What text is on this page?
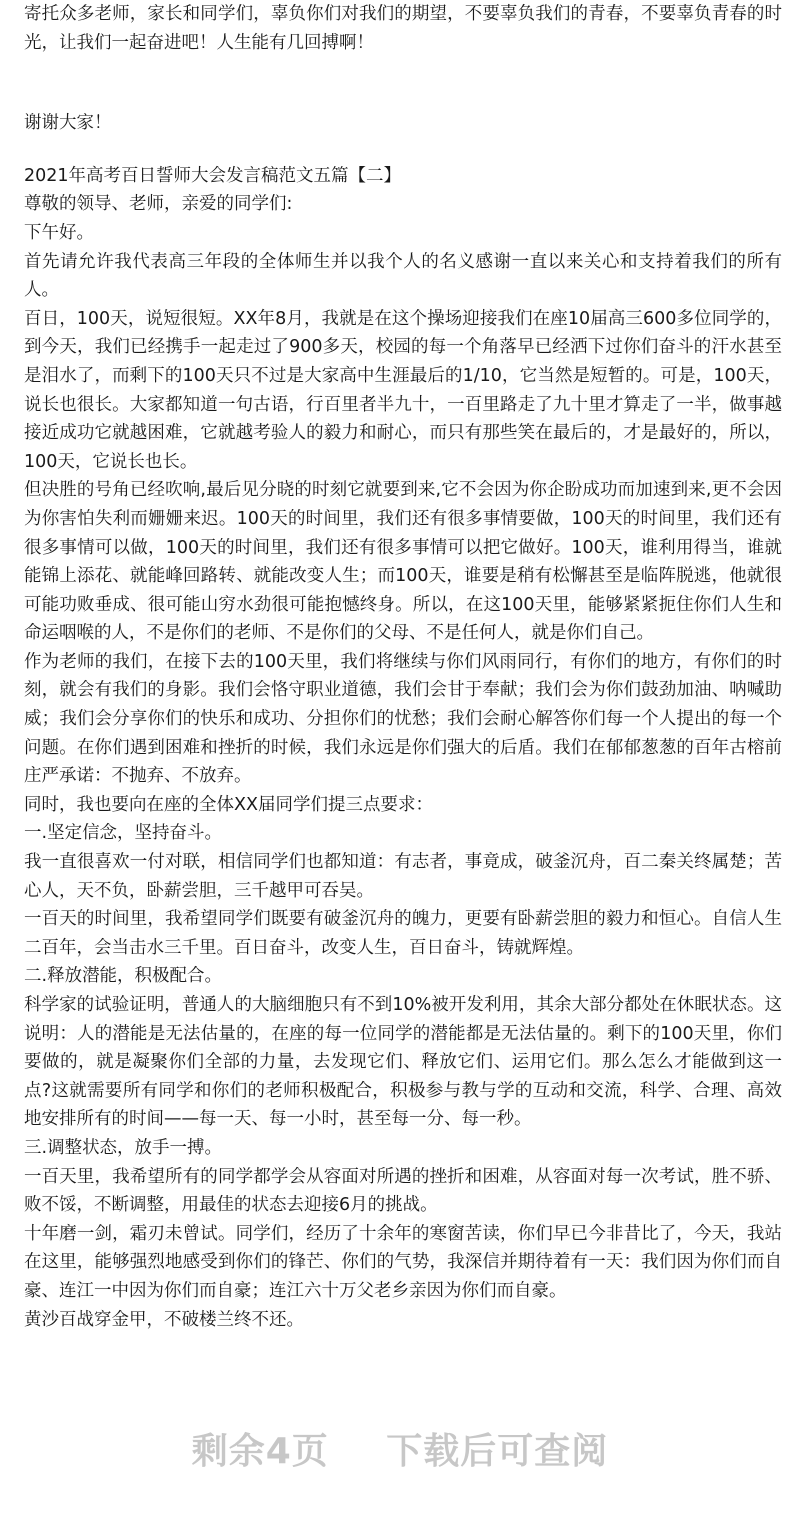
寄托众多老师，家长和同学们，辜负你们对我们的期望，不要辜负我们的青春，不要辜负青春的时光，让我们一起奋进吧！人生能有几回搏啊！

谢谢大家！

2021年高考百日誓师大会发言稿范文五篇【二】

尊敬的领导、老师，亲爱的同学们:

下午好。

首先请允许我代表高三年段的全体师生并以我个人的名义感谢一直以来关心和支持着我们的所有人。

百日，100天，说短很短。XX年8月，我就是在这个操场迎接我们在座10届高三600多位同学的，到今天，我们已经携手一起走过了900多天，校园的每一个角落早已经洒下过你们奋斗的汗水甚至是泪水了，而剩下的100天只不过是大家高中生涯最后的1/10，它当然是短暂的。可是，100天，说长也很长。大家都知道一句古语，行百里者半九十，一百里路走了九十里才算走了一半，做事越接近成功它就越困难，它就越考验人的毅力和耐心，而只有那些笑在最后的，才是最好的，所以，100天，它说长也长。

但决胜的号角已经吹响,最后见分晓的时刻它就要到来,它不会因为你企盼成功而加速到来,更不会因为你害怕失利而姗姗来迟。100天的时间里，我们还有很多事情要做，100天的时间里，我们还有很多事情可以做，100天的时间里，我们还有很多事情可以把它做好。100天，谁利用得当，谁就能锦上添花、就能峰回路转、就能改变人生；而100天，谁要是稍有松懈甚至是临阵脱逃，他就很可能功败垂成、很可能山穷水劲很可能抱憾终身。所以，在这100天里，能够紧紧扼住你们人生和命运咽喉的人，不是你们的老师、不是你们的父母、不是任何人，就是你们自己。

作为老师的我们，在接下去的100天里，我们将继续与你们风雨同行，有你们的地方，有你们的时刻，就会有我们的身影。我们会恪守职业道德，我们会甘于奉献；我们会为你们鼓劲加油、呐喊助威；我们会分享你们的快乐和成功、分担你们的忧愁；我们会耐心解答你们每一个人提出的每一个问题。在你们遇到困难和挫折的时候，我们永远是你们强大的后盾。我们在郁郁葱葱的百年古榕前庄严承诺：不抛弃、不放弃。

同时，我也要向在座的全体XX届同学们提三点要求：

一.坚定信念，坚持奋斗。

我一直很喜欢一付对联，相信同学们也都知道：有志者，事竟成，破釜沉舟，百二秦关终属楚；苦心人，天不负，卧薪尝胆，三千越甲可吞吴。

一百天的时间里，我希望同学们既要有破釜沉舟的魄力，更要有卧薪尝胆的毅力和恒心。自信人生二百年，会当击水三千里。百日奋斗，改变人生，百日奋斗，铸就辉煌。

二.释放潜能，积极配合。

科学家的试验证明，普通人的大脑细胞只有不到10%被开发利用，其余大部分都处在休眠状态。这说明：人的潜能是无法估量的，在座的每一位同学的潜能都是无法估量的。剩下的100天里，你们要做的，就是凝聚你们全部的力量，去发现它们、释放它们、运用它们。那么怎么才能做到这一点?这就需要所有同学和你们的老师积极配合，积极参与教与学的互动和交流，科学、合理、高效地安排所有的时间——每一天、每一小时，甚至每一分、每一秒。

三.调整状态，放手一搏。

一百天里，我希望所有的同学都学会从容面对所遇的挫折和困难，从容面对每一次考试，胜不骄、败不馁，不断调整，用最佳的状态去迎接6月的挑战。

十年磨一剑，霜刃未曾试。同学们，经历了十余年的寒窗苦读，你们早已今非昔比了，今天，我站在这里，能够强烈地感受到你们的锋芒、你们的气势，我深信并期待着有一天：我们因为你们而自豪、连江一中因为你们而自豪；连江六十万父老乡亲因为你们而自豪。

黄沙百战穿金甲，不破楼兰终不还。

剩余4页 下载后可查阅
